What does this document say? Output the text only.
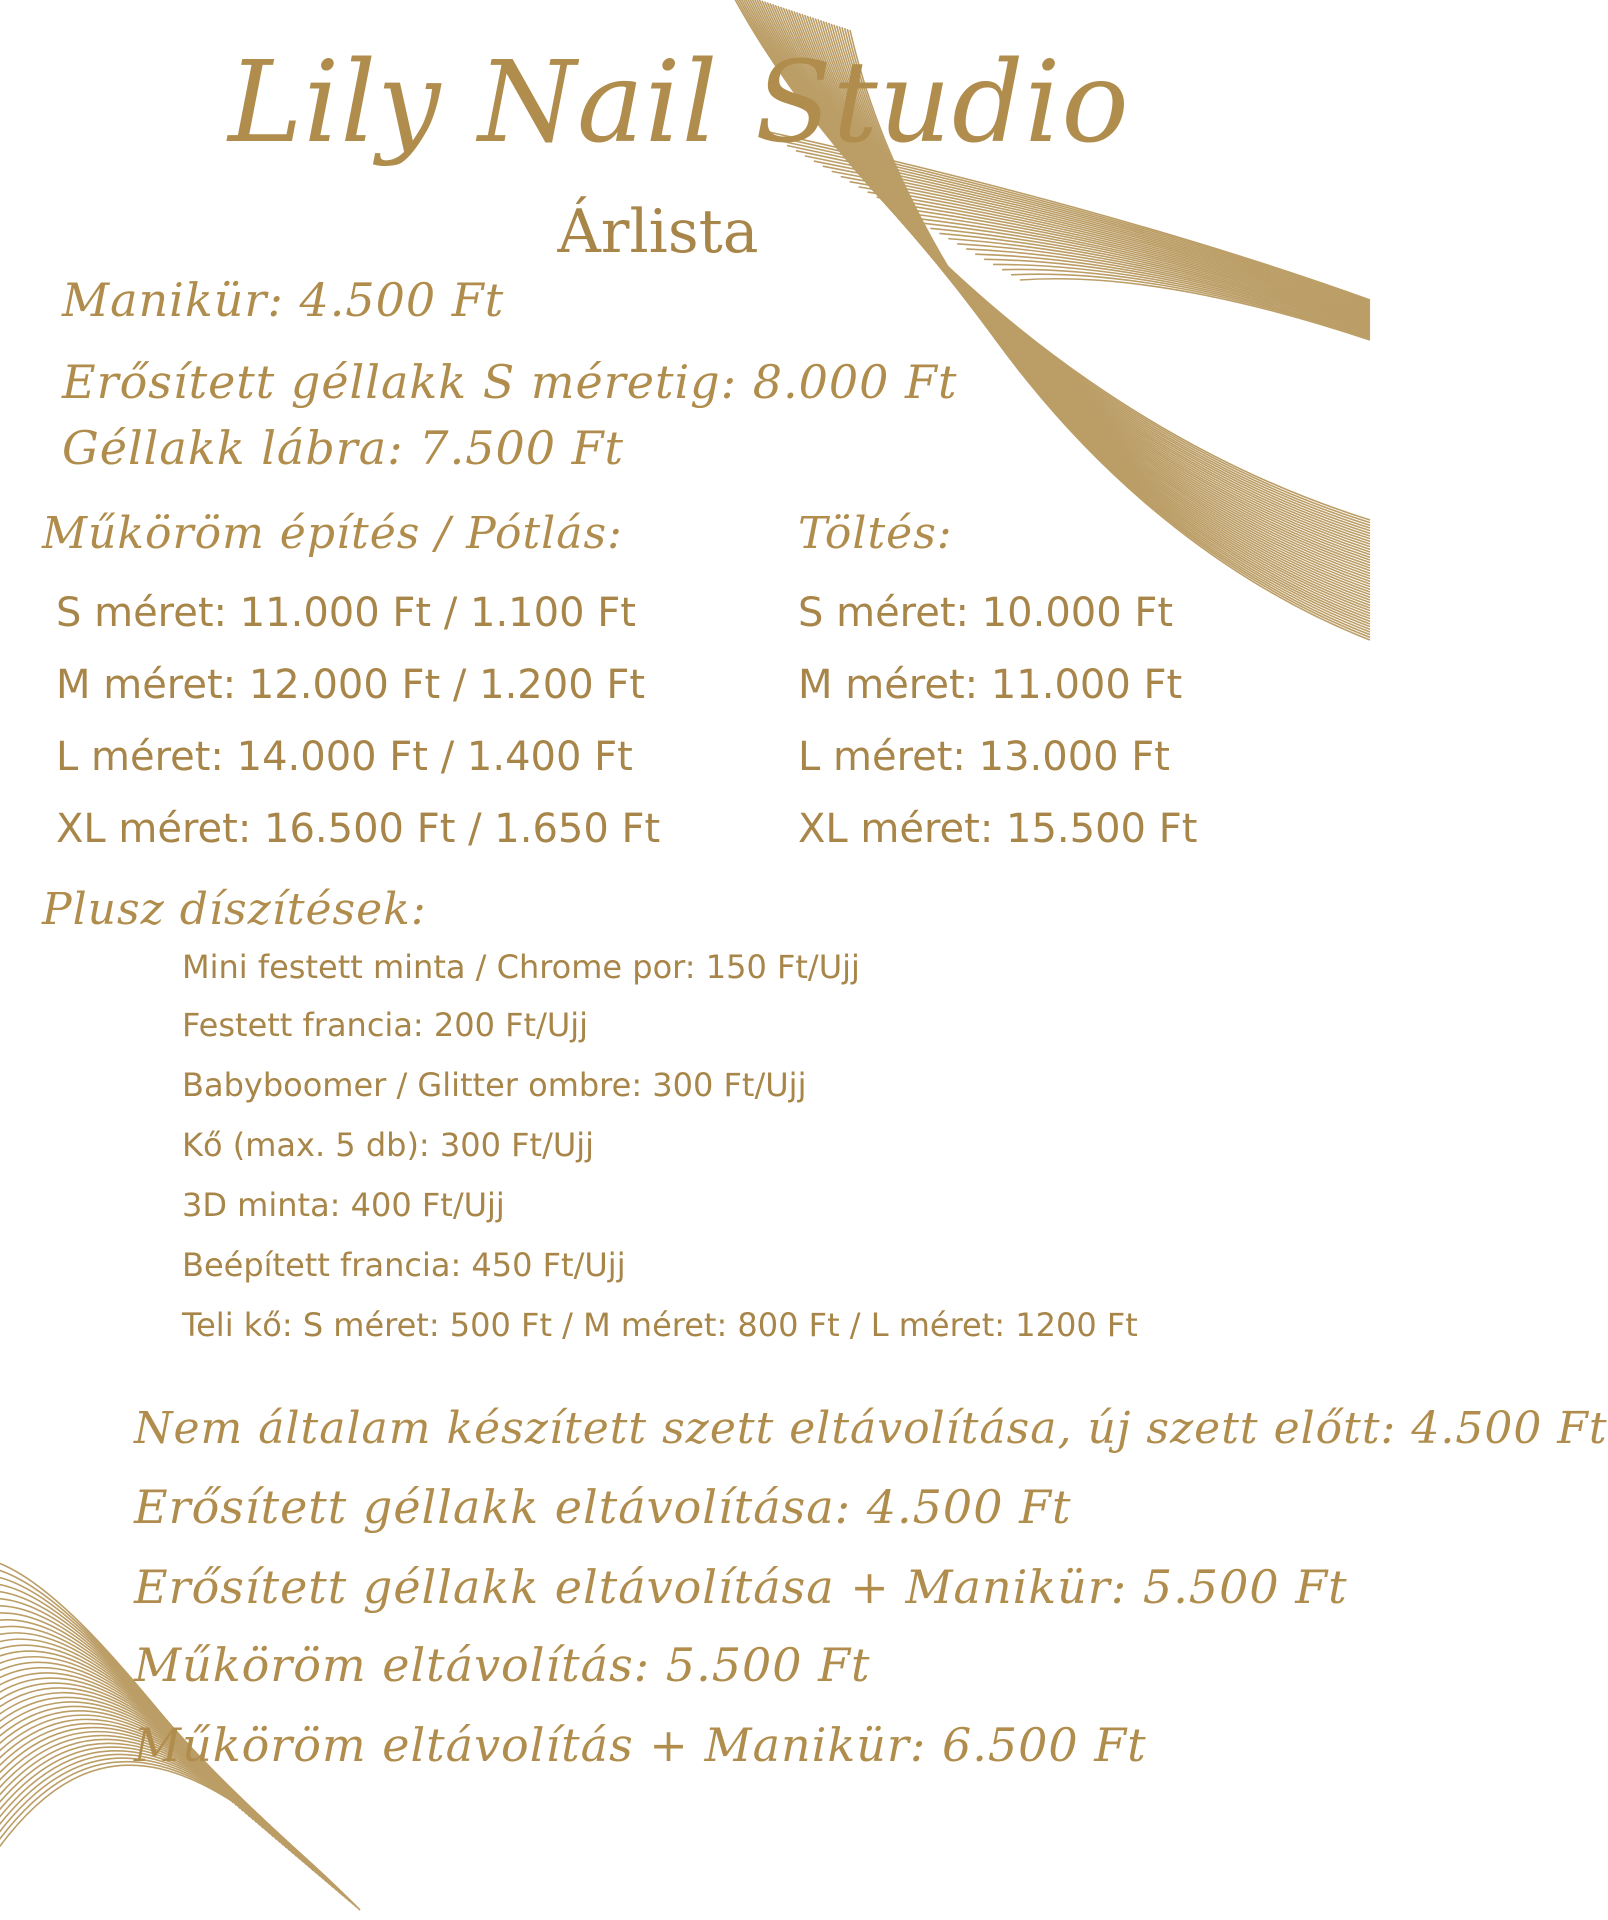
Lily Nail Studio
Árlista
Manikür: 4.500 Ft
Erősített géllakk S méretig: 8.000 Ft
Géllakk lábra: 7.500 Ft
Műköröm építés / Pótlás:	Töltés:
S méret: 11.000 Ft / 1.100 Ft
M méret: 12.000 Ft / 1.200 Ft
L méret: 14.000 Ft / 1.400 Ft
XL méret: 16.500 Ft / 1.650 Ft
S méret: 10.000 Ft
M méret: 11.000 Ft
L méret: 13.000 Ft
XL méret: 15.500 Ft
Plusz díszítések:
Mini festett minta / Chrome por: 150 Ft/Ujj
Festett francia: 200 Ft/Ujj
Babyboomer / Glitter ombre: 300 Ft/Ujj
Kő (max. 5 db): 300 Ft/Ujj
3D minta: 400 Ft/Ujj
Beépített francia: 450 Ft/Ujj
Teli kő: S méret: 500 Ft / M méret: 800 Ft / L méret: 1200 Ft
Nem általam készített szett eltávolítása, új szett előtt: 4.500 Ft
Erősített géllakk eltávolítása: 4.500 Ft
Erősített géllakk eltávolítása + Manikür: 5.500 Ft
Műköröm eltávolítás: 5.500 Ft
Műköröm eltávolítás + Manikür: 6.500 Ft
